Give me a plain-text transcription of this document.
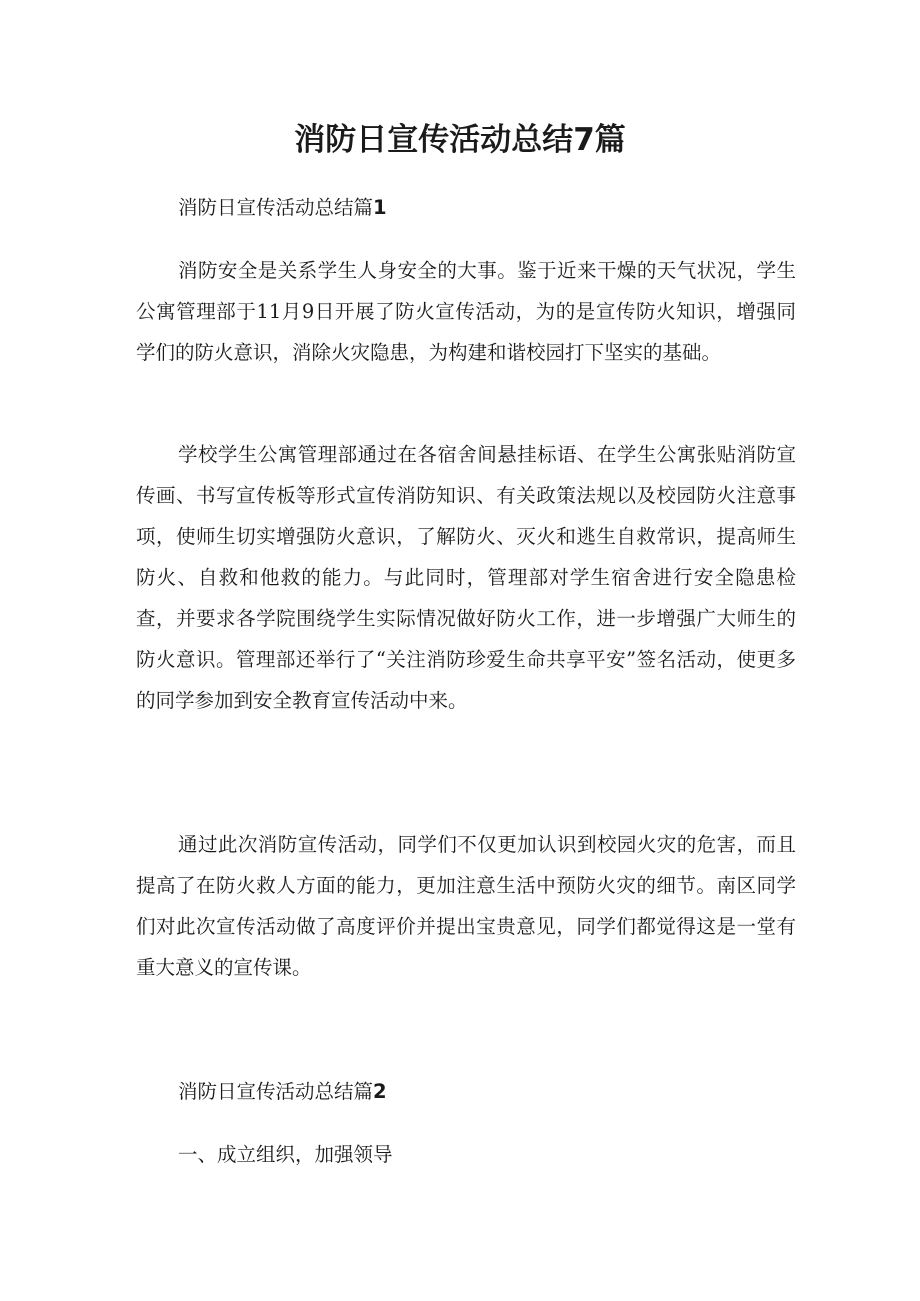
消防日宣传活动总结7篇

消防日宣传活动总结篇1

消防安全是关系学生人身安全的大事。鉴于近来干燥的天气状况，学生公寓管理部于11月9日开展了防火宣传活动，为的是宣传防火知识，增强同学们的防火意识，消除火灾隐患，为构建和谐校园打下坚实的基础。

学校学生公寓管理部通过在各宿舍间悬挂标语、在学生公寓张贴消防宣传画、书写宣传板等形式宣传消防知识、有关政策法规以及校园防火注意事项，使师生切实增强防火意识，了解防火、灭火和逃生自救常识，提高师生防火、自救和他救的能力。与此同时，管理部对学生宿舍进行安全隐患检查，并要求各学院围绕学生实际情况做好防火工作，进一步增强广大师生的防火意识。管理部还举行了“关注消防珍爱生命共享平安”签名活动，使更多的同学参加到安全教育宣传活动中来。

通过此次消防宣传活动，同学们不仅更加认识到校园火灾的危害，而且提高了在防火救人方面的能力，更加注意生活中预防火灾的细节。南区同学们对此次宣传活动做了高度评价并提出宝贵意见，同学们都觉得这是一堂有重大意义的宣传课。

消防日宣传活动总结篇2

一、成立组织，加强领导
